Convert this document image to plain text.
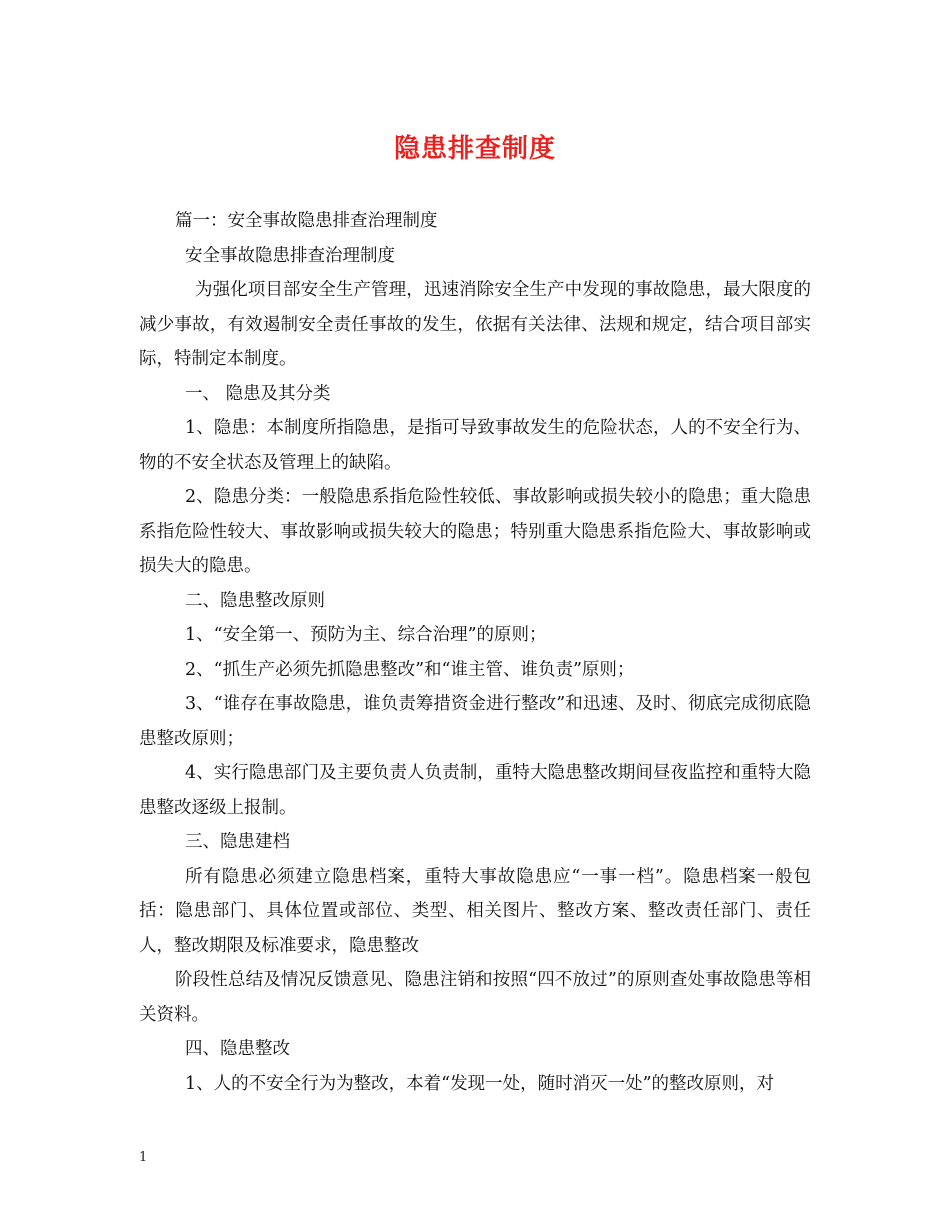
隐患排查制度

篇一：安全事故隐患排查治理制度

安全事故隐患排查治理制度

为强化项目部安全生产管理，迅速消除安全生产中发现的事故隐患，最大限度的减少事故，有效遏制安全责任事故的发生，依据有关法律、法规和规定，结合项目部实际，特制定本制度。

一、 隐患及其分类

1、隐患：本制度所指隐患，是指可导致事故发生的危险状态，人的不安全行为、物的不安全状态及管理上的缺陷。

2、隐患分类：一般隐患系指危险性较低、事故影响或损失较小的隐患；重大隐患系指危险性较大、事故影响或损失较大的隐患；特别重大隐患系指危险大、事故影响或损失大的隐患。

二、隐患整改原则

1、“安全第一、预防为主、综合治理”的原则；

2、“抓生产必须先抓隐患整改”和“谁主管、谁负责”原则；

3、“谁存在事故隐患，谁负责筹措资金进行整改”和迅速、及时、彻底完成彻底隐患整改原则；

4、实行隐患部门及主要负责人负责制，重特大隐患整改期间昼夜监控和重特大隐患整改逐级上报制。

三、隐患建档

所有隐患必须建立隐患档案，重特大事故隐患应“一事一档”。隐患档案一般包括：隐患部门、具体位置或部位、类型、相关图片、整改方案、整改责任部门、责任人，整改期限及标准要求，隐患整改

阶段性总结及情况反馈意见、隐患注销和按照“四不放过”的原则查处事故隐患等相关资料。

四、隐患整改

1、人的不安全行为为整改，本着“发现一处，随时消灭一处”的整改原则，对

1
